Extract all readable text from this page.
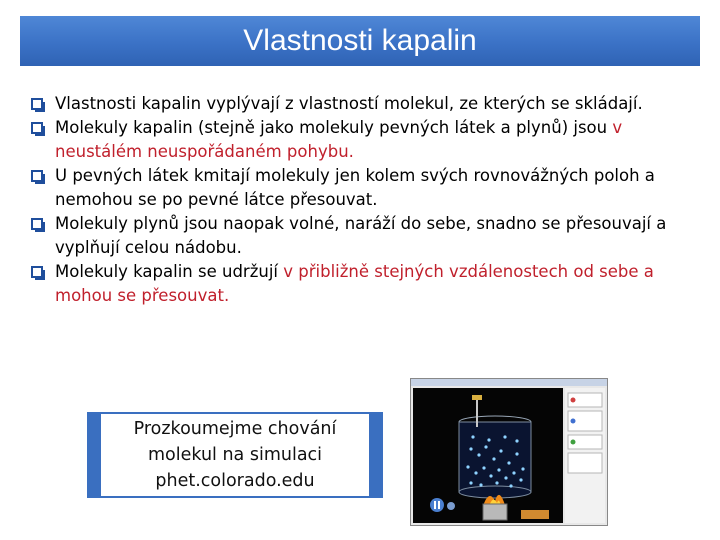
Vlastnosti kapalin
Vlastnosti kapalin vyplývají z vlastností molekul, ze kterých se skládají.
Molekuly kapalin (stejně jako molekuly pevných látek a plynů) jsou v neustálém neuspořádaném pohybu.
U pevných látek kmitají molekuly jen kolem svých rovnovážných poloh a nemohou se po pevné látce přesouvat.
Molekuly plynů jsou naopak volné, naráží do sebe, snadno se přesouvají a vyplňují celou nádobu.
Molekuly kapalin se udržují v přibližně stejných vzdálenostech od sebe a mohou se přesouvat.

Prozkoumejme chování molekul na simulaci phet.colorado.edu
